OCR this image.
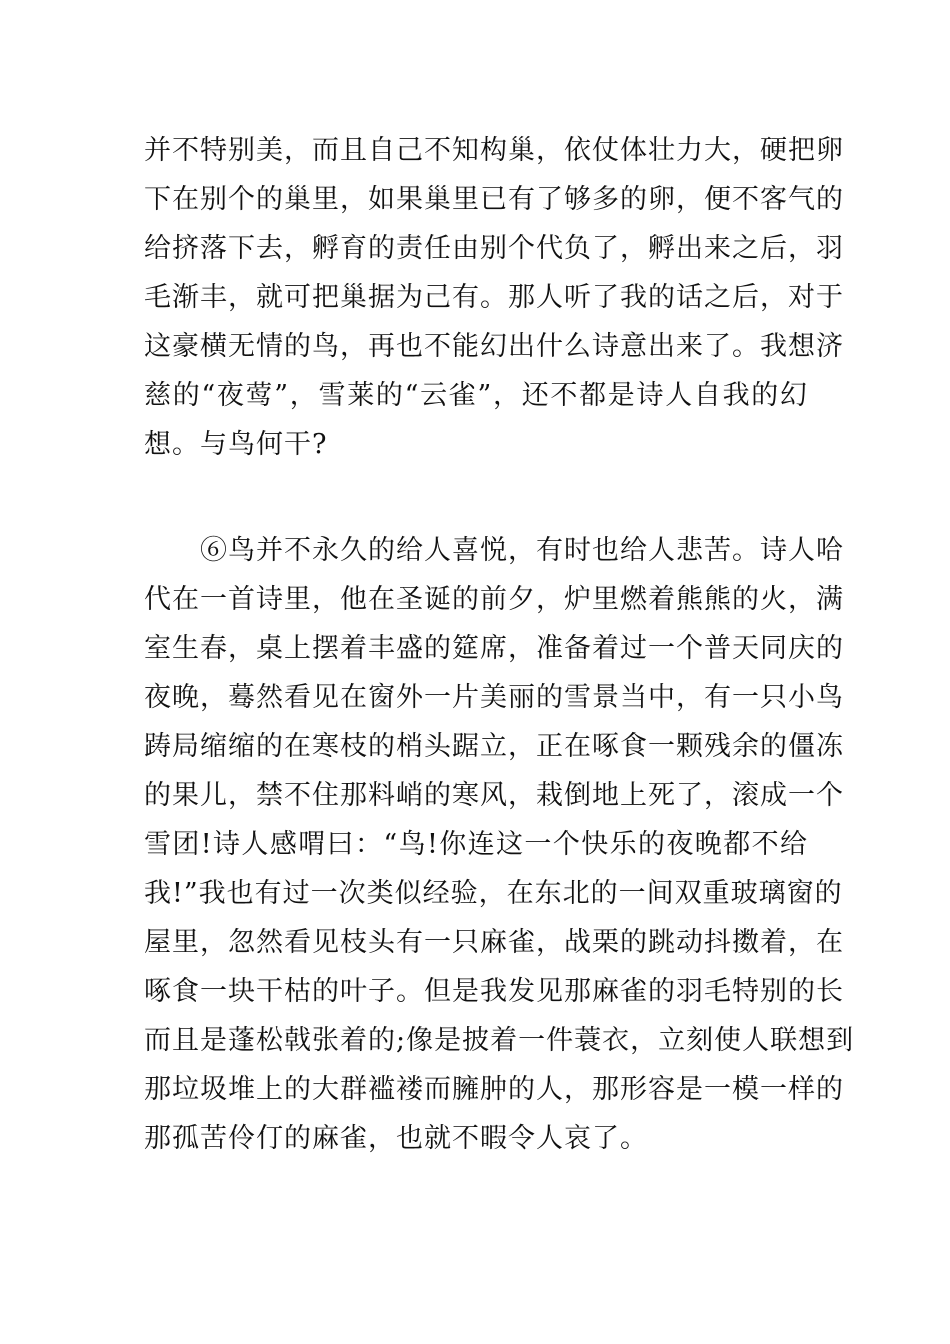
并不特别美，而且自己不知构巢，依仗体壮力大，硬把卵
下在别个的巢里，如果巢里已有了够多的卵，便不客气的
给挤落下去，孵育的责任由别个代负了，孵出来之后，羽
毛渐丰，就可把巢据为己有。那人听了我的话之后，对于
这豪横无情的鸟，再也不能幻出什么诗意出来了。我想济
慈的“夜莺”，雪莱的“云雀”，还不都是诗人自我的幻
想。与鸟何干?
　　⑥鸟并不永久的给人喜悦，有时也给人悲苦。诗人哈
代在一首诗里，他在圣诞的前夕，炉里燃着熊熊的火，满
室生春，桌上摆着丰盛的筵席，准备着过一个普天同庆的
夜晚，蓦然看见在窗外一片美丽的雪景当中，有一只小鸟
踌局缩缩的在寒枝的梢头踞立，正在啄食一颗残余的僵冻
的果儿，禁不住那料峭的寒风，栽倒地上死了，滚成一个
雪团!诗人感喟曰：“鸟!你连这一个快乐的夜晚都不给
我!”我也有过一次类似经验，在东北的一间双重玻璃窗的
屋里，忽然看见枝头有一只麻雀，战栗的跳动抖擞着，在
啄食一块干枯的叶子。但是我发见那麻雀的羽毛特别的长
而且是蓬松戟张着的;像是披着一件蓑衣，立刻使人联想到
那垃圾堆上的大群褴褛而臃肿的人，那形容是一模一样的
那孤苦伶仃的麻雀，也就不暇令人哀了。
